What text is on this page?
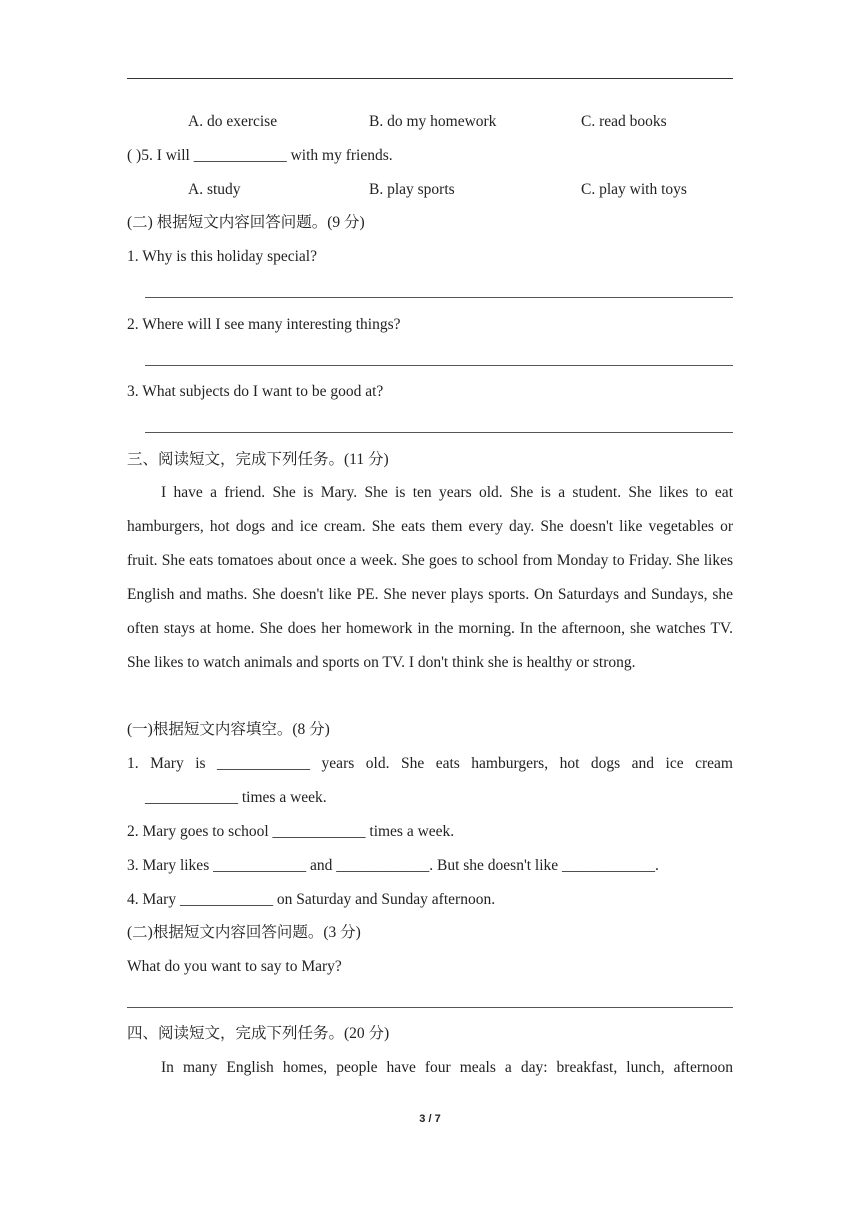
A. do exercise	B. do my homework	C. read books
( )5. I will ____________ with my friends.
A. study	B. play sports	C. play with toys
(二) 根据短文内容回答问题。(9 分)
1. Why is this holiday special?
2. Where will I see many interesting things?
3. What subjects do I want to be good at?
三、阅读短文，完成下列任务。(11 分)

I have a friend. She is Mary. She is ten years old. She is a student. She likes to eat hamburgers, hot dogs and ice cream. She eats them every day. She doesn't like vegetables or fruit. She eats tomatoes about once a week. She goes to school from Monday to Friday. She likes English and maths. She doesn't like PE. She never plays sports. On Saturdays and Sundays, she often stays at home. She does her homework in the morning. In the afternoon, she watches TV. She likes to watch animals and sports on TV. I don't think she is healthy or strong.

(一)根据短文内容填空。(8 分)
1. Mary is ____________ years old. She eats hamburgers, hot dogs and ice cream
____________ times a week.
2. Mary goes to school ____________ times a week.
3. Mary likes ____________ and ____________. But she doesn't like ____________.
4. Mary ____________ on Saturday and Sunday afternoon.
(二)根据短文内容回答问题。(3 分)
What do you want to say to Mary?
四、阅读短文，完成下列任务。(20 分)
In many English homes, people have four meals a day: breakfast, lunch, afternoon
3 / 7
